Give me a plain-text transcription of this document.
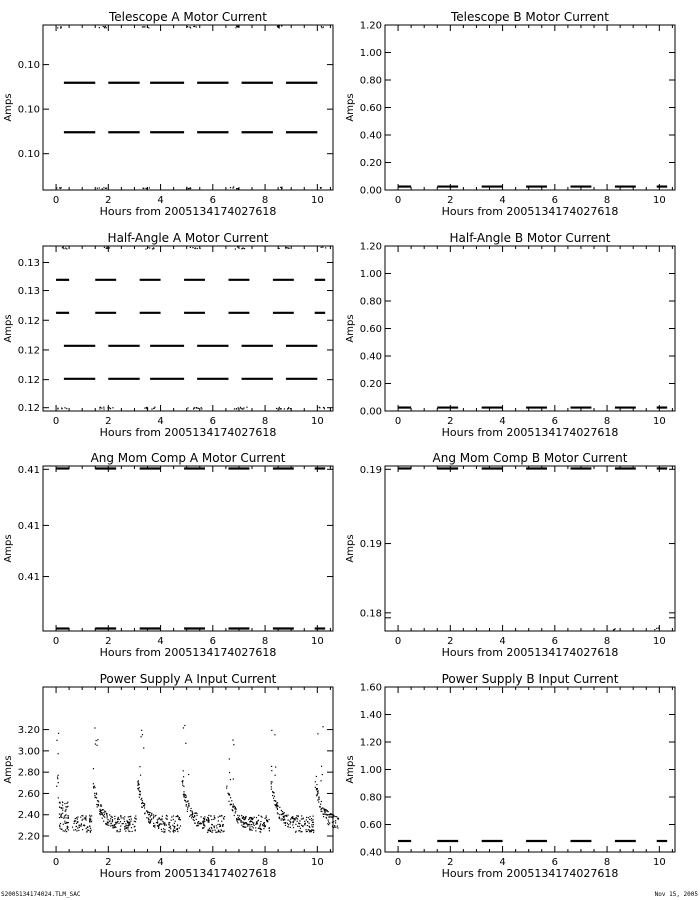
Telescope A Motor Current
0	2	4	6	8	10
0.10
0.10
0.10
Hours from 2005134174027618
Amps
Telescope B Motor Current
0	2	4	6	8	10
0.00
0.20
0.40
0.60
0.80
1.00
1.20
Hours from 2005134174027618
Amps
Half-Angle A Motor Current
0	2	4	6	8	10
0.12
0.12
0.12
0.12
0.13
0.13
Hours from 2005134174027618
Amps
Half-Angle B Motor Current
0	2	4	6	8	10
0.00
0.20
0.40
0.60
0.80
1.00
1.20
Hours from 2005134174027618
Amps
Ang Mom Comp A Motor Current
0	2	4	6	8	10
0.41
0.41
0.41
Hours from 2005134174027618
Amps
Ang Mom Comp B Motor Current
0	2	4	6	8	10
0.18
0.19
0.19
Hours from 2005134174027618
Amps
Power Supply A Input Current
0	2	4	6	8	10
2.20
2.40
2.60
2.80
3.00
3.20
Hours from 2005134174027618
Amps
Power Supply B Input Current
0	2	4	6	8	10
0.40
0.60
0.80
1.00
1.20
1.40
1.60
Hours from 2005134174027618
Amps
S2005134174024.TLM_SAC	Nov 15, 2005
